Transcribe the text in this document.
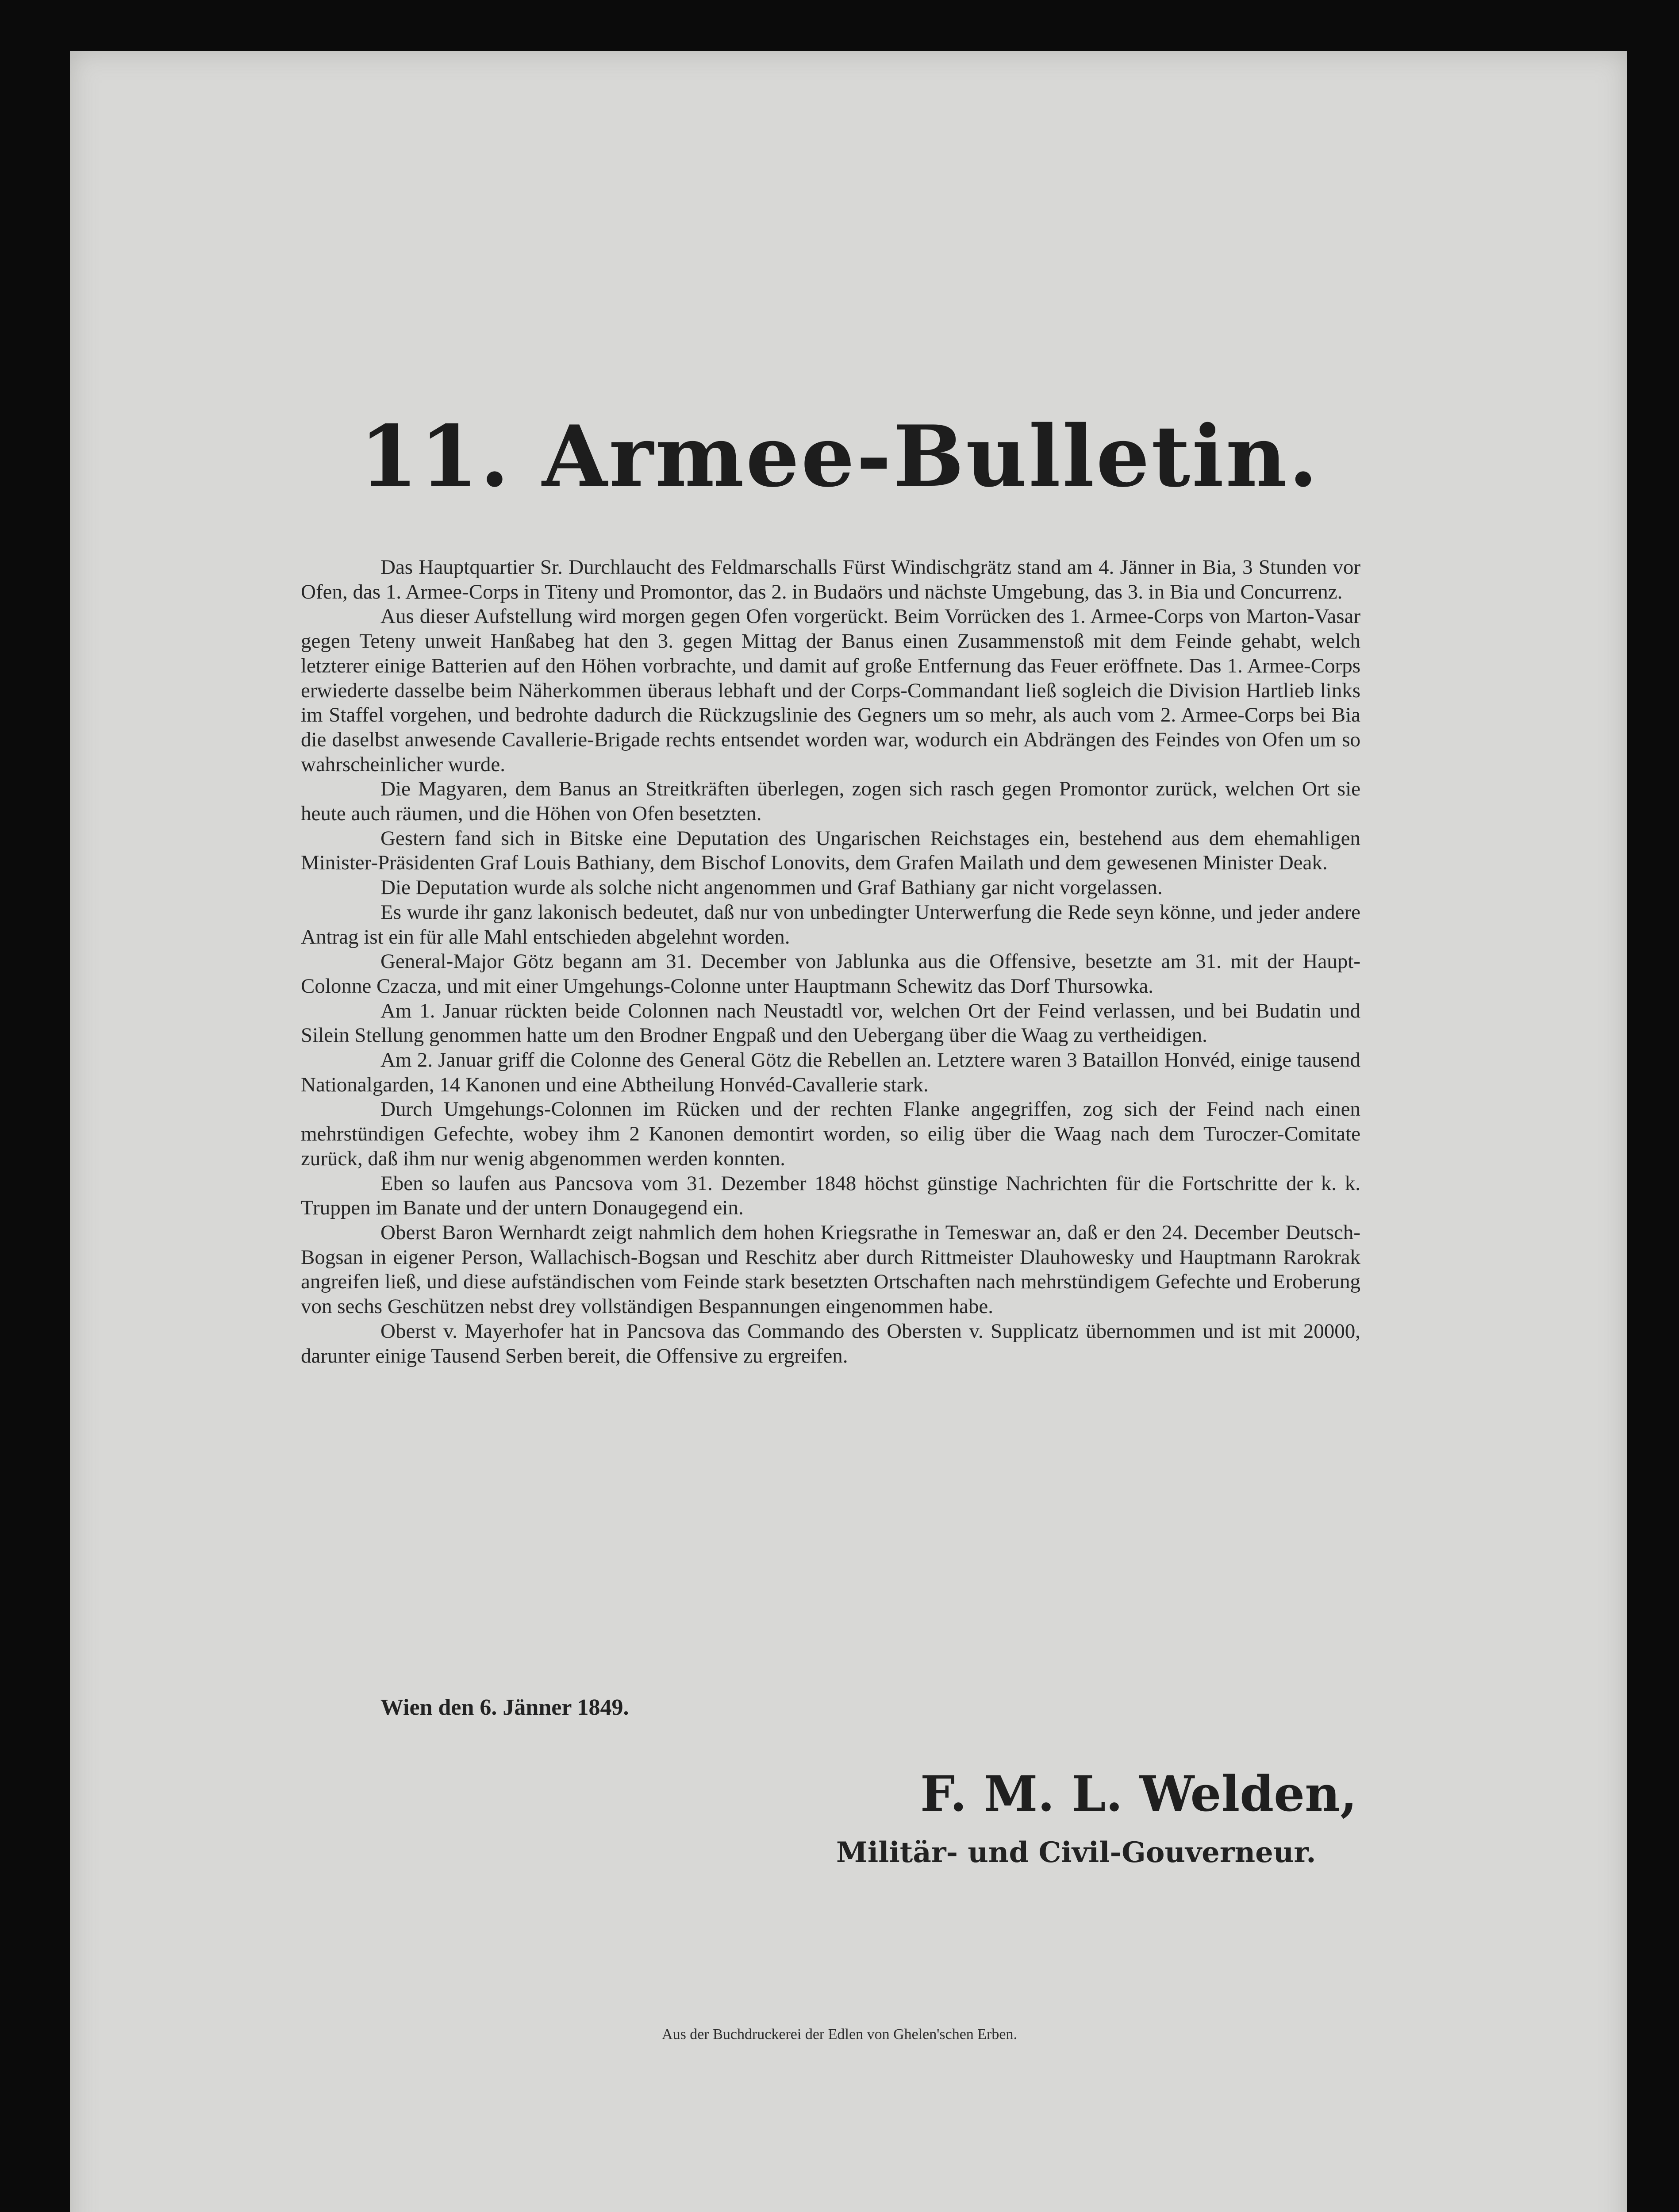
11. Armee-Bulletin.

Das Hauptquartier Sr. Durchlaucht des Feldmarschalls Fürst Windischgrätz stand am 4. Jänner in Bia, 3 Stunden vor Ofen, das 1. Armee-Corps in Titeny und Promontor, das 2. in Budaörs und nächste Umgebung, das 3. in Bia und Concurrenz.

Aus dieser Aufstellung wird morgen gegen Ofen vorgerückt. Beim Vorrücken des 1. Armee-Corps von Marton-Vasar gegen Teteny unweit Hanßabeg hat den 3. gegen Mittag der Banus einen Zusammenstoß mit dem Feinde gehabt, welch letzterer einige Batterien auf den Höhen vorbrachte, und damit auf große Entfernung das Feuer eröffnete. Das 1. Armee-Corps erwiederte dasselbe beim Näherkommen überaus lebhaft und der Corps-Commandant ließ sogleich die Division Hartlieb links im Staffel vorgehen, und bedrohte dadurch die Rückzugslinie des Gegners um so mehr, als auch vom 2. Armee-Corps bei Bia die daselbst anwesende Cavallerie-Brigade rechts entsendet worden war, wodurch ein Abdrängen des Feindes von Ofen um so wahrscheinlicher wurde.

Die Magyaren, dem Banus an Streitkräften überlegen, zogen sich rasch gegen Promontor zurück, welchen Ort sie heute auch räumen, und die Höhen von Ofen besetzten.

Gestern fand sich in Bitske eine Deputation des Ungarischen Reichstages ein, bestehend aus dem ehemahligen Minister-Präsidenten Graf Louis Bathiany, dem Bischof Lonovits, dem Grafen Mailath und dem gewesenen Minister Deak.

Die Deputation wurde als solche nicht angenommen und Graf Bathiany gar nicht vorgelassen.

Es wurde ihr ganz lakonisch bedeutet, daß nur von unbedingter Unterwerfung die Rede seyn könne, und jeder andere Antrag ist ein für alle Mahl entschieden abgelehnt worden.

General-Major Götz begann am 31. December von Jablunka aus die Offensive, besetzte am 31. mit der Haupt-Colonne Czacza, und mit einer Umgehungs-Colonne unter Hauptmann Schewitz das Dorf Thursowka.

Am 1. Januar rückten beide Colonnen nach Neustadtl vor, welchen Ort der Feind verlassen, und bei Budatin und Silein Stellung genommen hatte um den Brodner Engpaß und den Uebergang über die Waag zu vertheidigen.

Am 2. Januar griff die Colonne des General Götz die Rebellen an. Letztere waren 3 Bataillon Honvéd, einige tausend Nationalgarden, 14 Kanonen und eine Abtheilung Honvéd-Cavallerie stark.

Durch Umgehungs-Colonnen im Rücken und der rechten Flanke angegriffen, zog sich der Feind nach einen mehrstündigen Gefechte, wobey ihm 2 Kanonen demontirt worden, so eilig über die Waag nach dem Turoczer-Comitate zurück, daß ihm nur wenig abgenommen werden konnten.

Eben so laufen aus Pancsova vom 31. Dezember 1848 höchst günstige Nachrichten für die Fortschritte der k. k. Truppen im Banate und der untern Donaugegend ein.

Oberst Baron Wernhardt zeigt nahmlich dem hohen Kriegsrathe in Temeswar an, daß er den 24. December Deutsch-Bogsan in eigener Person, Wallachisch-Bogsan und Reschitz aber durch Rittmeister Dlauhowesky und Hauptmann Rarokrak angreifen ließ, und diese aufständischen vom Feinde stark besetzten Ortschaften nach mehrstündigem Gefechte und Eroberung von sechs Geschützen nebst drey vollständigen Bespannungen eingenommen habe.

Oberst v. Mayerhofer hat in Pancsova das Commando des Obersten v. Supplicatz übernommen und ist mit 20000, darunter einige Tausend Serben bereit, die Offensive zu ergreifen.

Wien den 6. Jänner 1849.
F. M. L. Welden,
Militär- und Civil-Gouverneur.
Aus der Buchdruckerei der Edlen von Ghelen'schen Erben.
